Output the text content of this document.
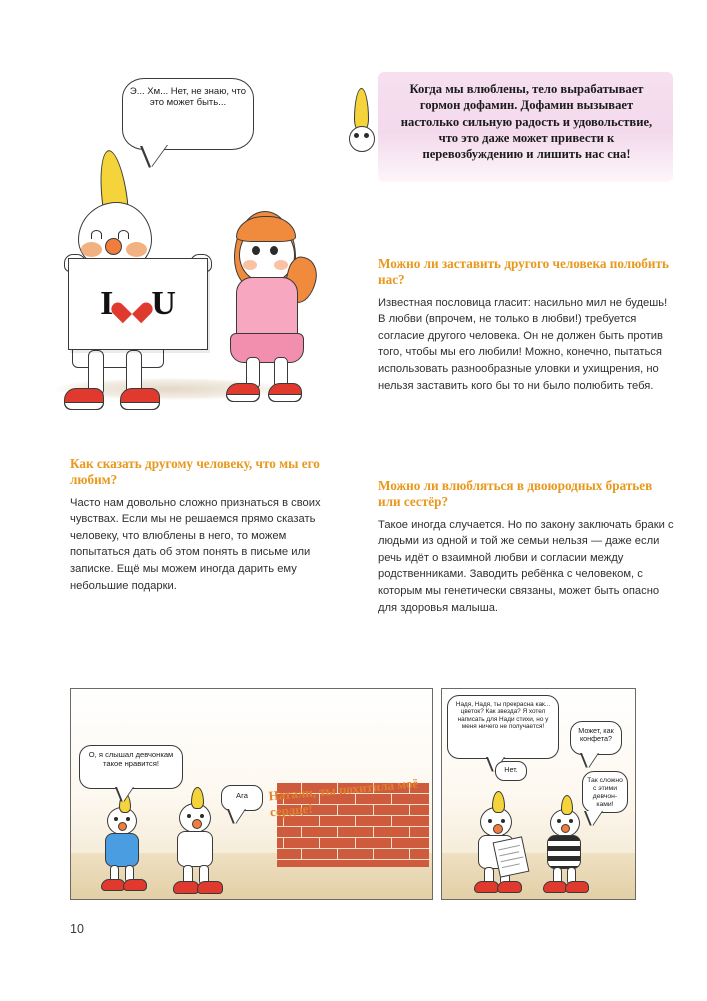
I U
Э... Хм... Нет, не знаю, что это может быть...

Когда мы влюблены, тело вырабатывает гормон дофамин. Дофамин вызывает настолько сильную радость и удовольствие, что это даже может привести к перевозбуждению и лишить нас сна!

Можно ли заставить другого человека полюбить нас?

Известная пословица гласит: насильно мил не будешь! В любви (впрочем, не только в любви!) требуется согласие другого человека. Он не должен быть против того, чтобы мы его любили! Можно, конечно, пытаться использовать разнообразные уловки и ухищрения, но нельзя заставить кого бы то ни было полюбить тебя.

Можно ли влюбляться в двоюродных братьев или сестёр?

Такое иногда случается. Но по закону заключать браки с людьми из одной и той же семьи нельзя — даже если речь идёт о взаимной любви и согласии между родственниками. Заводить ребёнка с человеком, с которым мы генетически связаны, может быть опасно для здоровья малыша.

Как сказать другому человеку, что мы его любим?

Часто нам довольно сложно признаться в своих чувствах. Если мы не решаемся прямо сказать человеку, что влюблены в него, то можем попытаться дать об этом понять в письме или записке. Ещё мы можем иногда дарить ему небольшие подарки.

Натали, ты похитила моё сердце!
О, я слышал девчонкам такое нравится!
Ага
Надя, Надя, ты прекрасна как... цветок? Как звезда? Я хотел написать для Нади стихи, но у меня ничего не получается!
Нет.
Может, как конфета?
Так сложно с этими девчон-ками!
10
